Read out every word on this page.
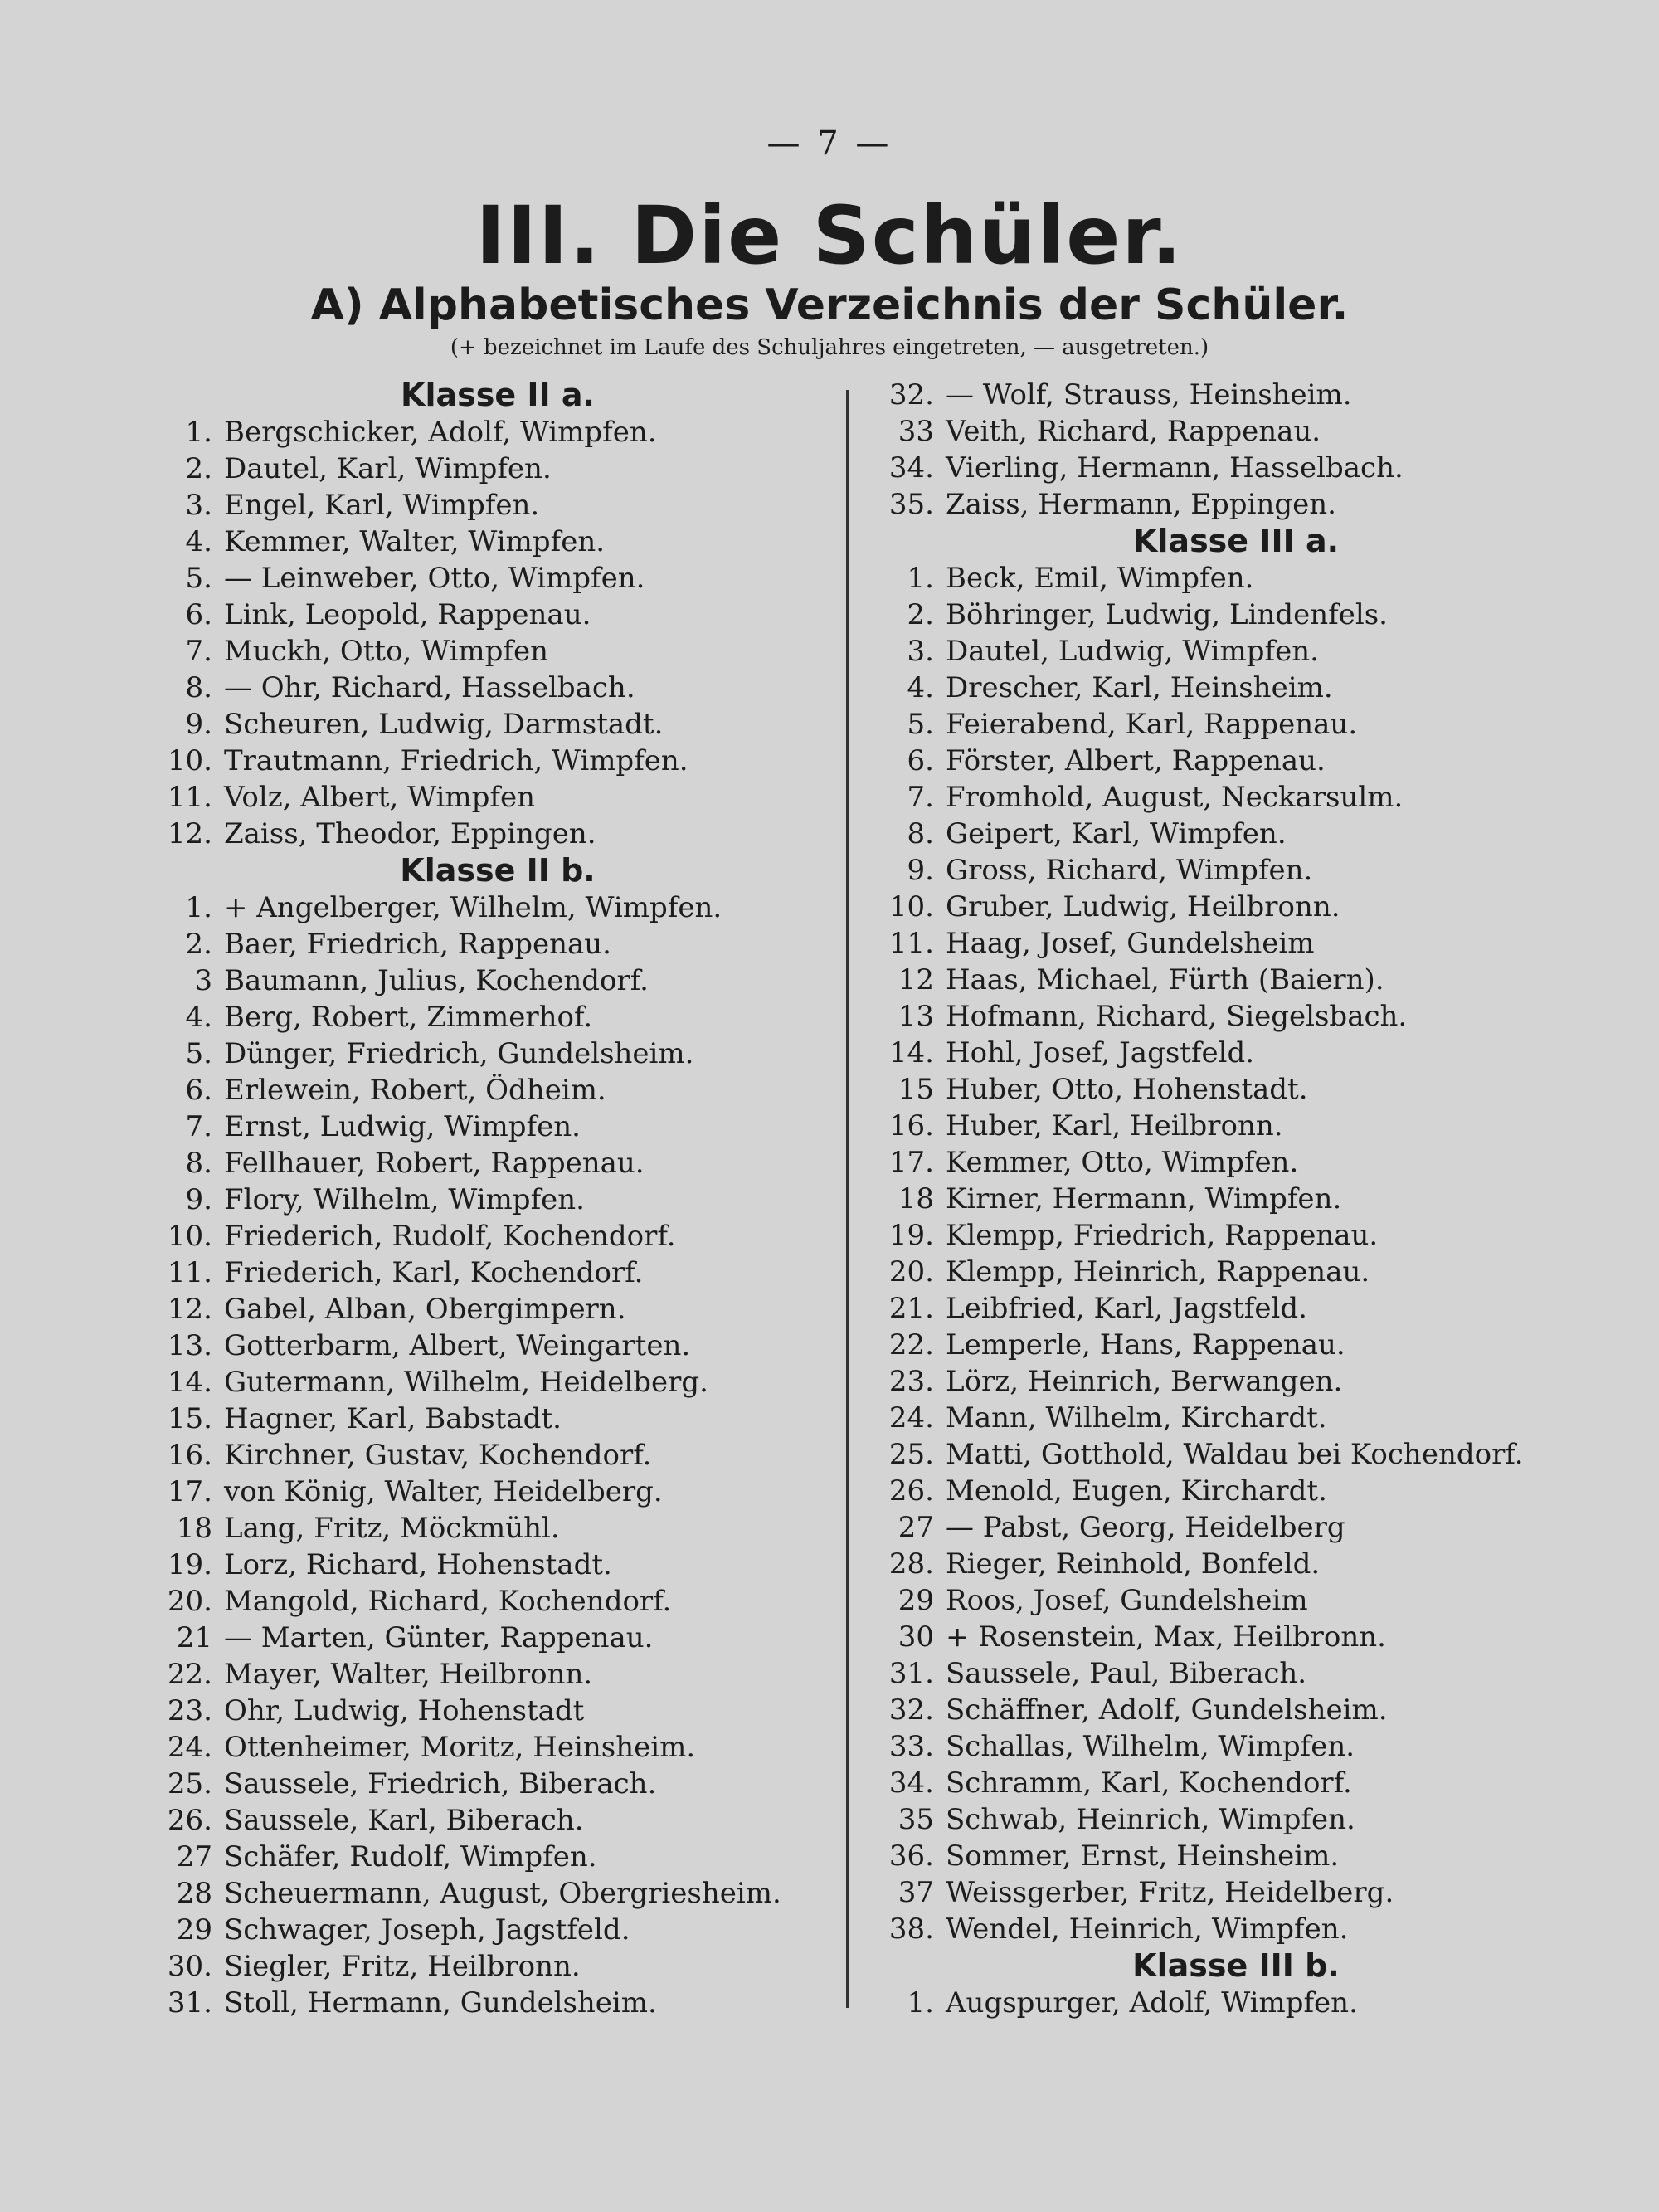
— 7 —
III. Die Schüler.
A) Alphabetisches Verzeichnis der Schüler.
(+ bezeichnet im Laufe des Schuljahres eingetreten, — ausgetreten.)
Klasse II a.
1. Bergschicker, Adolf, Wimpfen.
2. Dautel, Karl, Wimpfen.
3. Engel, Karl, Wimpfen.
4. Kemmer, Walter, Wimpfen.
5. — Leinweber, Otto, Wimpfen.
6. Link, Leopold, Rappenau.
7. Muckh, Otto, Wimpfen
8. — Ohr, Richard, Hasselbach.
9. Scheuren, Ludwig, Darmstadt.
10. Trautmann, Friedrich, Wimpfen.
11. Volz, Albert, Wimpfen
12. Zaiss, Theodor, Eppingen.
Klasse II b.
1. + Angelberger, Wilhelm, Wimpfen.
2. Baer, Friedrich, Rappenau.
3 Baumann, Julius, Kochendorf.
4. Berg, Robert, Zimmerhof.
5. Dünger, Friedrich, Gundelsheim.
6. Erlewein, Robert, Ödheim.
7. Ernst, Ludwig, Wimpfen.
8. Fellhauer, Robert, Rappenau.
9. Flory, Wilhelm, Wimpfen.
10. Friederich, Rudolf, Kochendorf.
11. Friederich, Karl, Kochendorf.
12. Gabel, Alban, Obergimpern.
13. Gotterbarm, Albert, Weingarten.
14. Gutermann, Wilhelm, Heidelberg.
15. Hagner, Karl, Babstadt.
16. Kirchner, Gustav, Kochendorf.
17. von König, Walter, Heidelberg.
18 Lang, Fritz, Möckmühl.
19. Lorz, Richard, Hohenstadt.
20. Mangold, Richard, Kochendorf.
21 — Marten, Günter, Rappenau.
22. Mayer, Walter, Heilbronn.
23. Ohr, Ludwig, Hohenstadt
24. Ottenheimer, Moritz, Heinsheim.
25. Saussele, Friedrich, Biberach.
26. Saussele, Karl, Biberach.
27 Schäfer, Rudolf, Wimpfen.
28 Scheuermann, August, Obergriesheim.
29 Schwager, Joseph, Jagstfeld.
30. Siegler, Fritz, Heilbronn.
31. Stoll, Hermann, Gundelsheim.
32. — Wolf, Strauss, Heinsheim.
33 Veith, Richard, Rappenau.
34. Vierling, Hermann, Hasselbach.
35. Zaiss, Hermann, Eppingen.
Klasse III a.
1. Beck, Emil, Wimpfen.
2. Böhringer, Ludwig, Lindenfels.
3. Dautel, Ludwig, Wimpfen.
4. Drescher, Karl, Heinsheim.
5. Feierabend, Karl, Rappenau.
6. Förster, Albert, Rappenau.
7. Fromhold, August, Neckarsulm.
8. Geipert, Karl, Wimpfen.
9. Gross, Richard, Wimpfen.
10. Gruber, Ludwig, Heilbronn.
11. Haag, Josef, Gundelsheim
12 Haas, Michael, Fürth (Baiern).
13 Hofmann, Richard, Siegelsbach.
14. Hohl, Josef, Jagstfeld.
15 Huber, Otto, Hohenstadt.
16. Huber, Karl, Heilbronn.
17. Kemmer, Otto, Wimpfen.
18 Kirner, Hermann, Wimpfen.
19. Klempp, Friedrich, Rappenau.
20. Klempp, Heinrich, Rappenau.
21. Leibfried, Karl, Jagstfeld.
22. Lemperle, Hans, Rappenau.
23. Lörz, Heinrich, Berwangen.
24. Mann, Wilhelm, Kirchardt.
25. Matti, Gotthold, Waldau bei Kochendorf.
26. Menold, Eugen, Kirchardt.
27 — Pabst, Georg, Heidelberg
28. Rieger, Reinhold, Bonfeld.
29 Roos, Josef, Gundelsheim
30 + Rosenstein, Max, Heilbronn.
31. Saussele, Paul, Biberach.
32. Schäffner, Adolf, Gundelsheim.
33. Schallas, Wilhelm, Wimpfen.
34. Schramm, Karl, Kochendorf.
35 Schwab, Heinrich, Wimpfen.
36. Sommer, Ernst, Heinsheim.
37 Weissgerber, Fritz, Heidelberg.
38. Wendel, Heinrich, Wimpfen.
Klasse III b.
1. Augspurger, Adolf, Wimpfen.
